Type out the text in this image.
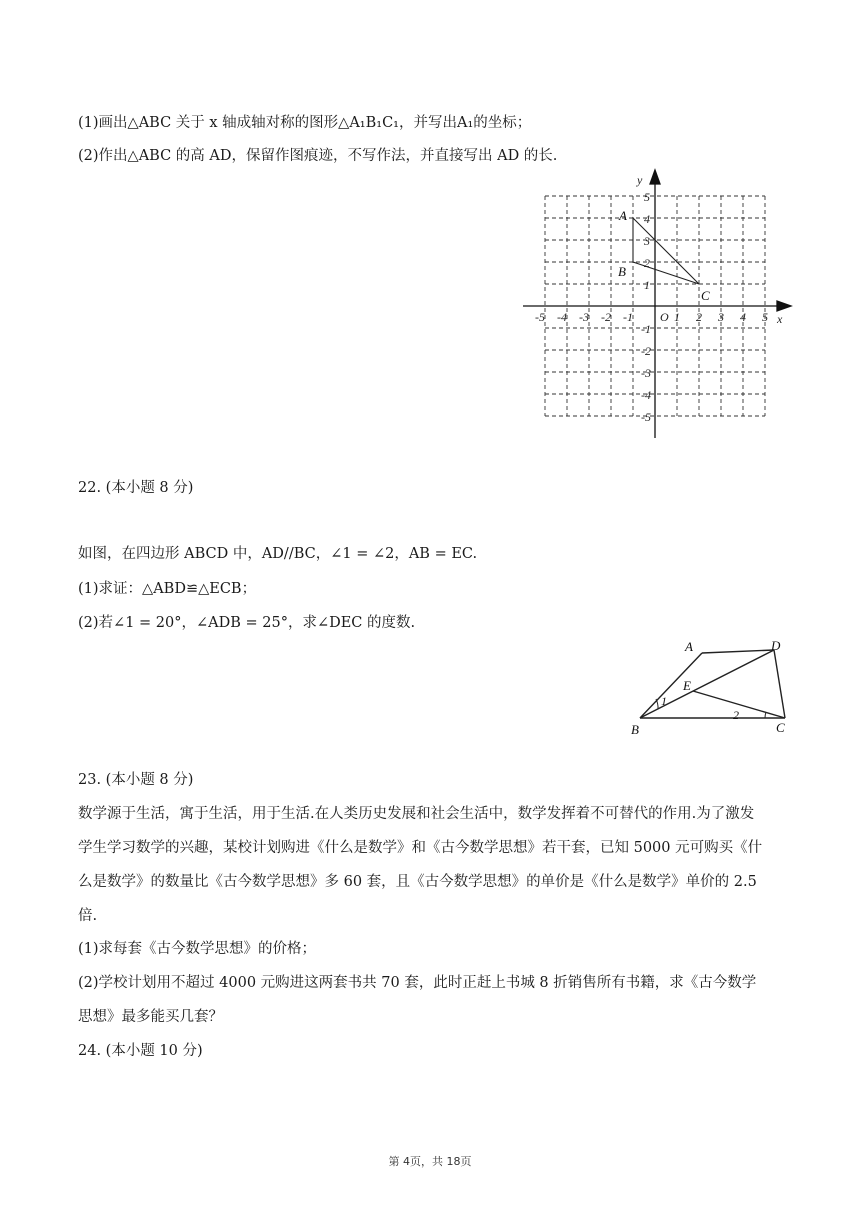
(1)画出△ABC 关于 x 轴成轴对称的图形△A₁B₁C₁，并写出A₁的坐标；
(2)作出△ABC 的高 AD，保留作图痕迹，不写作法，并直接写出 AD 的长.
-5 -4 -3 -2 -1	1 2 3 4 5
5
4
3
2
1
-1
-2
-3
-4
-5
x
y
O
A
B
C
22. (本小题 8 分)
如图，在四边形 ABCD 中，AD//BC，∠1 = ∠2，AB = EC.
(1)求证：△ABD≌△ECB；
(2)若∠1 = 20°，∠ADB = 25°，求∠DEC 的度数.
A	D
E
B	C
1
2
23. (本小题 8 分)
数学源于生活，寓于生活，用于生活.在人类历史发展和社会生活中，数学发挥着不可替代的作用.为了激发
学生学习数学的兴趣，某校计划购进《什么是数学》和《古今数学思想》若干套，已知 5000 元可购买《什
么是数学》的数量比《古今数学思想》多 60 套，且《古今数学思想》的单价是《什么是数学》单价的 2.5
倍.
(1)求每套《古今数学思想》的价格；
(2)学校计划用不超过 4000 元购进这两套书共 70 套，此时正赶上书城 8 折销售所有书籍，求《古今数学
思想》最多能买几套？
24. (本小题 10 分)
第 4页，共 18页
